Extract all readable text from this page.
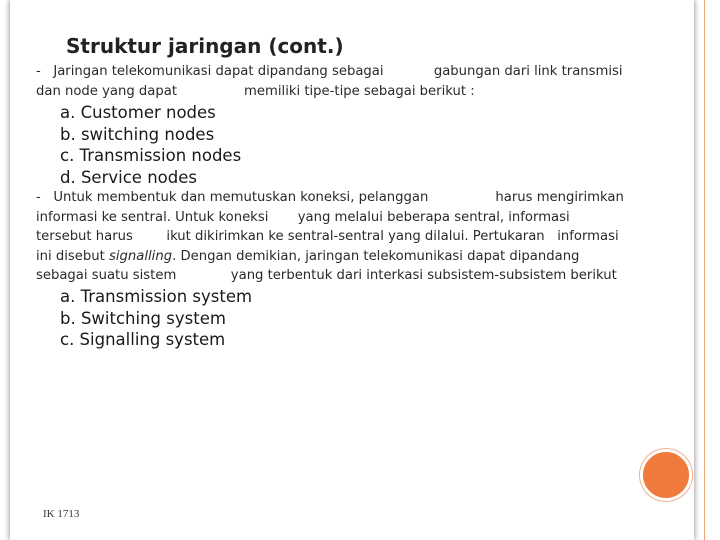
Struktur jaringan (cont.)

-   Jaringan telekomunikasi dapat dipandang sebagai            gabungan dari link transmisi
dan node yang dapat                memiliki tipe-tipe sebagai berikut :

a. Customer nodes
b. switching nodes
c. Transmission nodes
d. Service nodes

-   Untuk membentuk dan memutuskan koneksi, pelanggan                harus mengirimkan
informasi ke sentral. Untuk koneksi       yang melalui beberapa sentral, informasi
tersebut harus        ikut dikirimkan ke sentral-sentral yang dilalui. Pertukaran   informasi
ini disebut signalling. Dengan demikian, jaringan telekomunikasi dapat dipandang
sebagai suatu sistem             yang terbentuk dari interkasi subsistem-subsistem berikut

a. Transmission system
b. Switching system
c. Signalling system
IK 1713
